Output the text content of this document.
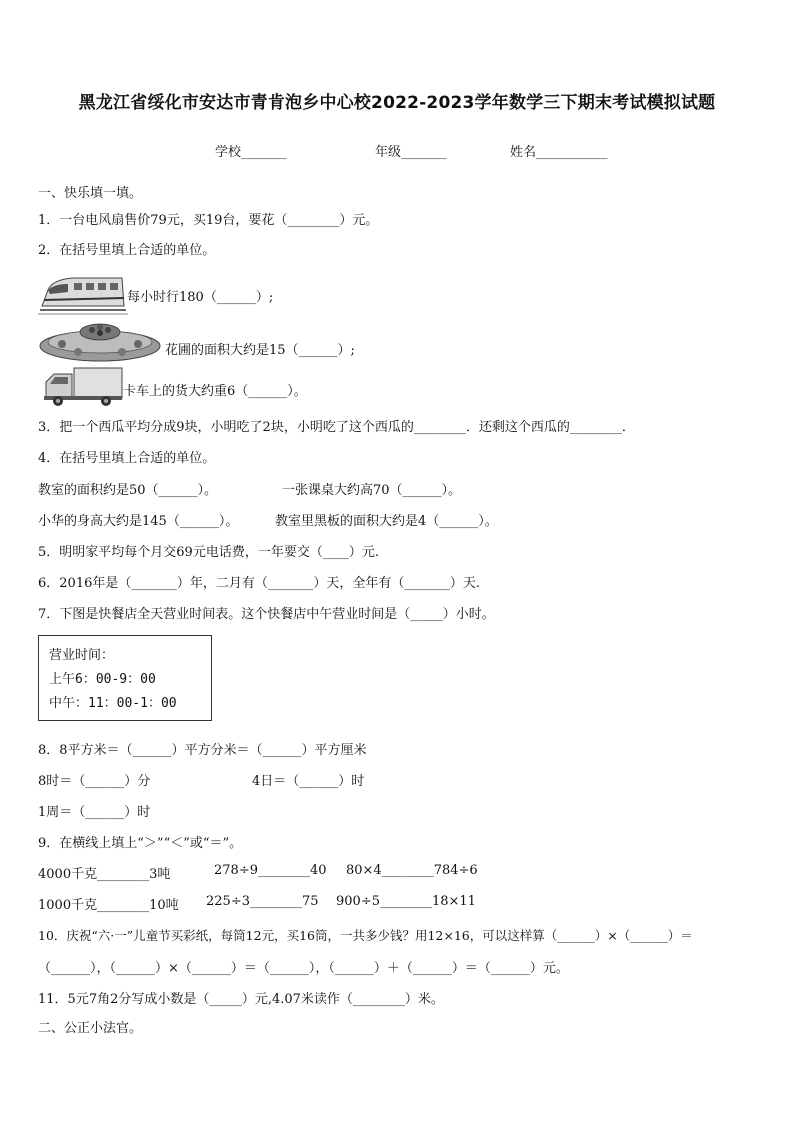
黑龙江省绥化市安达市青肯泡乡中心校2022-2023学年数学三下期末考试模拟试题
学校_______	年级_______	姓名___________
一、快乐填一填。
1．一台电风扇售价79元，买19台，要花（________）元。
2．在括号里填上合适的单位。
每小时行180（______）;
花圃的面积大约是15（______）;
卡车上的货大约重6（______）。
3．把一个西瓜平均分成9块，小明吃了2块，小明吃了这个西瓜的________．还剩这个西瓜的________．
4．在括号里填上合适的单位。
教室的面积约是50（______）。	一张课桌大约高70（______）。
小华的身高大约是145（______）。	教室里黑板的面积大约是4（______）。
5．明明家平均每个月交69元电话费，一年要交（____）元.
6．2016年是（_______）年，二月有（_______）天，全年有（_______）天.
7．下图是快餐店全天营业时间表。这个快餐店中午营业时间是（_____）小时。
营业时间：
上午6：00-9：00
中午：11：00-1：00
8．8平方米＝（______）平方分米＝（______）平方厘米
8时＝（______）分	4日＝（______）时
1周＝（______）时
9．在横线上填上“＞”“＜”或“＝”。
4000千克________3吨	278÷9________40 80×4________784÷6
1000千克________10吨 225÷3________75 900÷5________18×11
10．庆祝“六·一”儿童节买彩纸，每筒12元，买16筒，一共多少钱？用12×16，可以这样算（______）×（______）＝
（______），（______）×（______）＝（______），（______）＋（______）＝（______）元。
11．5元7角2分写成小数是（_____）元,4.07米读作（________）米。
二、公正小法官。
